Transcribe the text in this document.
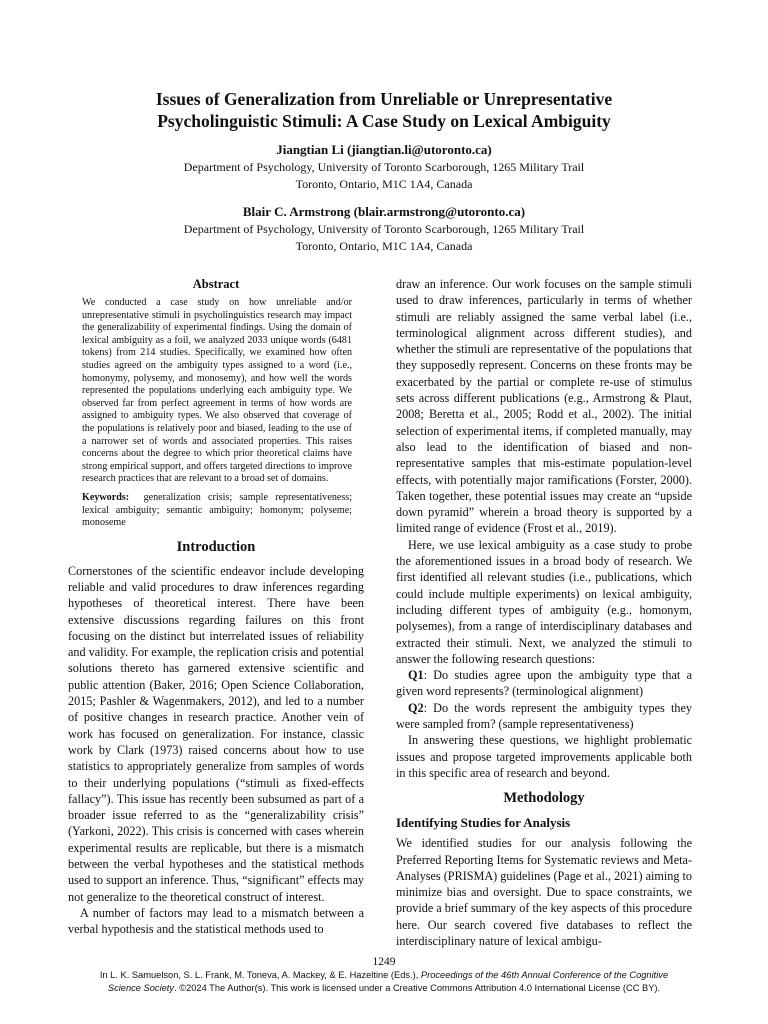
Issues of Generalization from Unreliable or Unrepresentative
Psycholinguistic Stimuli: A Case Study on Lexical Ambiguity
Jiangtian Li (jiangtian.li@utoronto.ca)
Department of Psychology, University of Toronto Scarborough, 1265 Military Trail
Toronto, Ontario, M1C 1A4, Canada
Blair C. Armstrong (blair.armstrong@utoronto.ca)
Department of Psychology, University of Toronto Scarborough, 1265 Military Trail
Toronto, Ontario, M1C 1A4, Canada
Abstract

We conducted a case study on how unreliable and/or unrepresentative stimuli in psycholinguistics research may impact the generalizability of experimental findings. Using the domain of lexical ambiguity as a foil, we analyzed 2033 unique words (6481 tokens) from 214 studies. Specifically, we examined how often studies agreed on the ambiguity types assigned to a word (i.e., homonymy, polysemy, and monosemy), and how well the words represented the populations underlying each ambiguity type. We observed far from perfect agreement in terms of how words are assigned to ambiguity types. We also observed that coverage of the populations is relatively poor and biased, leading to the use of a narrower set of words and associated properties. This raises concerns about the degree to which prior theoretical claims have strong empirical support, and offers targeted directions to improve research practices that are relevant to a broad set of domains.

Keywords: generalization crisis; sample representativeness; lexical ambiguity; semantic ambiguity; homonym; polyseme; monoseme

Introduction

Cornerstones of the scientific endeavor include developing reliable and valid procedures to draw inferences regarding hypotheses of theoretical interest. There have been extensive discussions regarding failures on this front focusing on the distinct but interrelated issues of reliability and validity. For example, the replication crisis and potential solutions thereto has garnered extensive scientific and public attention (Baker, 2016; Open Science Collaboration, 2015; Pashler & Wagenmakers, 2012), and led to a number of positive changes in research practice. Another vein of work has focused on generalization. For instance, classic work by Clark (1973) raised concerns about how to use statistics to appropriately generalize from samples of words to their underlying populations (“stimuli as fixed-effects fallacy”). This issue has recently been subsumed as part of a broader issue referred to as the “generalizability crisis” (Yarkoni, 2022). This crisis is concerned with cases wherein experimental results are replicable, but there is a mismatch between the verbal hypotheses and the statistical methods used to support an inference. Thus, “significant” effects may not generalize to the theoretical construct of interest.

A number of factors may lead to a mismatch between a verbal hypothesis and the statistical methods used to

draw an inference. Our work focuses on the sample stimuli used to draw inferences, particularly in terms of whether stimuli are reliably assigned the same verbal label (i.e., terminological alignment across different studies), and whether the stimuli are representative of the populations that they supposedly represent. Concerns on these fronts may be exacerbated by the partial or complete re-use of stimulus sets across different publications (e.g., Armstrong & Plaut, 2008; Beretta et al., 2005; Rodd et al., 2002). The initial selection of experimental items, if completed manually, may also lead to the identification of biased and non-representative samples that mis-estimate population-level effects, with potentially major ramifications (Forster, 2000). Taken together, these potential issues may create an “upside down pyramid” wherein a broad theory is supported by a limited range of evidence (Frost et al., 2019).

Here, we use lexical ambiguity as a case study to probe the aforementioned issues in a broad body of research. We first identified all relevant studies (i.e., publications, which could include multiple experiments) on lexical ambiguity, including different types of ambiguity (e.g., homonym, polysemes), from a range of interdisciplinary databases and extracted their stimuli. Next, we analyzed the stimuli to answer the following research questions:

Q1: Do studies agree upon the ambiguity type that a given word represents? (terminological alignment)

Q2: Do the words represent the ambiguity types they were sampled from? (sample representativeness)

In answering these questions, we highlight problematic issues and propose targeted improvements applicable both in this specific area of research and beyond.

Methodology
Identifying Studies for Analysis

We identified studies for our analysis following the Preferred Reporting Items for Systematic reviews and Meta-Analyses (PRISMA) guidelines (Page et al., 2021) aiming to minimize bias and oversight. Due to space constraints, we provide a brief summary of the key aspects of this procedure here. Our search covered five databases to reflect the interdisciplinary nature of lexical ambigu-

1249
In L. K. Samuelson, S. L. Frank, M. Toneva, A. Mackey, & E. Hazeltine (Eds.), Proceedings of the 46th Annual Conference of the Cognitive
Science Society. ©2024 The Author(s). This work is licensed under a Creative Commons Attribution 4.0 International License (CC BY).
